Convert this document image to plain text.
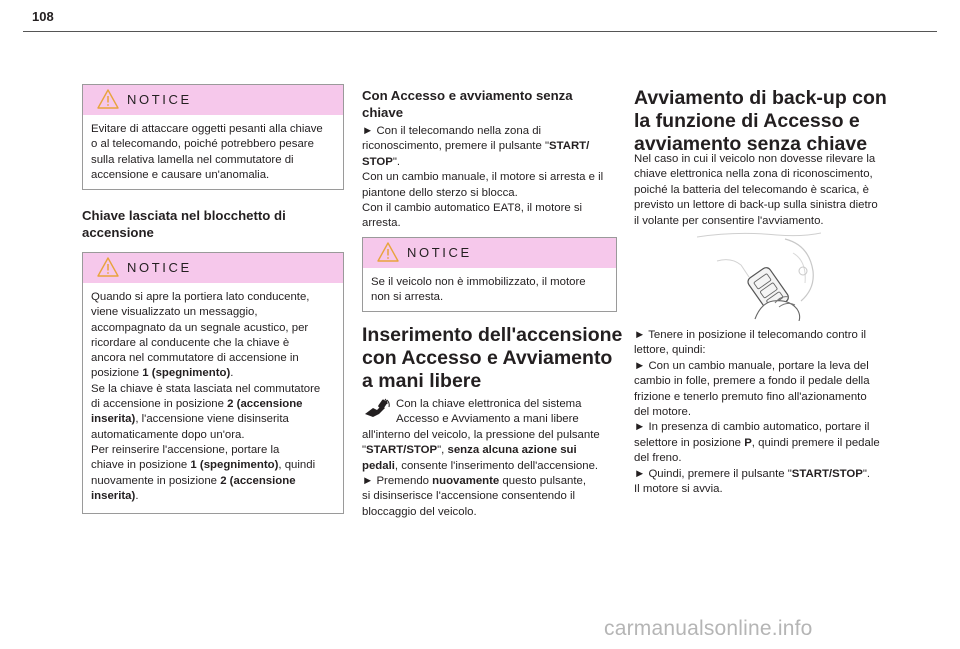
108
NOTICE
Evitare di attaccare oggetti pesanti alla chiave
o al telecomando, poiché potrebbero pesare
sulla relativa lamella nel commutatore di
accensione e causare un'anomalia.
Chiave lasciata nel blocchetto di
accensione
NOTICE
Quando si apre la portiera lato conducente,
viene visualizzato un messaggio,
accompagnato da un segnale acustico, per
ricordare al conducente che la chiave è
ancora nel commutatore di accensione in
posizione 1 (spegnimento).
Se la chiave è stata lasciata nel commutatore
di accensione in posizione 2 (accensione
inserita), l'accensione viene disinserita
automaticamente dopo un'ora.
Per reinserire l'accensione, portare la
chiave in posizione 1 (spegnimento), quindi
nuovamente in posizione 2 (accensione
inserita).
Con Accesso e avviamento senza
chiave
► Con il telecomando nella zona di
riconoscimento, premere il pulsante "START/
STOP".
Con un cambio manuale, il motore si arresta e il
piantone dello sterzo si blocca.
Con il cambio automatico EAT8, il motore si
arresta.
NOTICE
Se il veicolo non è immobilizzato, il motore
non si arresta.
Inserimento dell'accensione
con Accesso e Avviamento
a mani libere
Con la chiave elettronica del sistema
Accesso e Avviamento a mani libere
all'interno del veicolo, la pressione del pulsante
"START/STOP", senza alcuna azione sui
pedali, consente l'inserimento dell'accensione.
► Premendo nuovamente questo pulsante,
si disinserisce l'accensione consentendo il
bloccaggio del veicolo.
Avviamento di back-up con
la funzione di Accesso e
avviamento senza chiave
Nel caso in cui il veicolo non dovesse rilevare la
chiave elettronica nella zona di riconoscimento,
poiché la batteria del telecomando è scarica, è
previsto un lettore di back-up sulla sinistra dietro
il volante per consentire l'avviamento.
► Tenere in posizione il telecomando contro il
lettore, quindi:
► Con un cambio manuale, portare la leva del
cambio in folle, premere a fondo il pedale della
frizione e tenerlo premuto fino all'azionamento
del motore.
► In presenza di cambio automatico, portare il
selettore in posizione P, quindi premere il pedale
del freno.
► Quindi, premere il pulsante "START/STOP".
Il motore si avvia.
carmanualsonline.info
